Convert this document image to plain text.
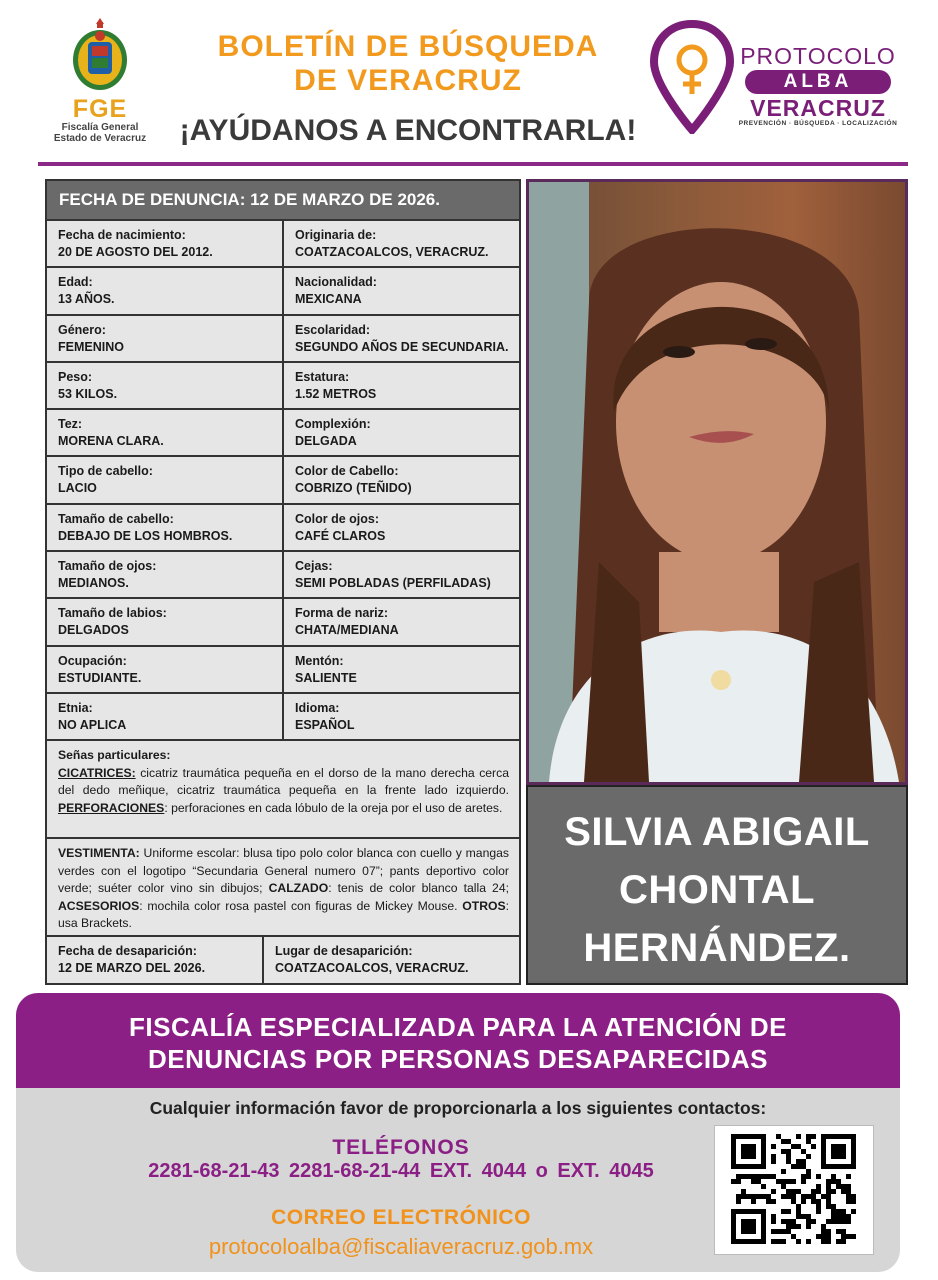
FGE
Fiscalía General
Estado de Veracruz
BOLETÍN DE BÚSQUEDA
DE VERACRUZ
¡AYÚDANOS A ENCONTRARLA!
PROTOCOLO
ALBA
VERACRUZ
PREVENCIÓN · BÚSQUEDA · LOCALIZACIÓN
FECHA DE DENUNCIA: 12 DE MARZO DE 2026.
Fecha de nacimiento:
20 DE AGOSTO DEL 2012.
Originaria de:
COATZACOALCOS, VERACRUZ.
Edad:
13 AÑOS.
Nacionalidad:
MEXICANA
Género:
FEMENINO
Escolaridad:
SEGUNDO AÑOS DE SECUNDARIA.
Peso:
53 KILOS.
Estatura:
1.52 METROS
Tez:
MORENA CLARA.
Complexión:
DELGADA
Tipo de cabello:
LACIO
Color de Cabello:
COBRIZO (TEÑIDO)
Tamaño de cabello:
DEBAJO DE LOS HOMBROS.
Color de ojos:
CAFÉ CLAROS
Tamaño de ojos:
MEDIANOS.
Cejas:
SEMI POBLADAS (PERFILADAS)
Tamaño de labios:
DELGADOS
Forma de nariz:
CHATA/MEDIANA
Ocupación:
ESTUDIANTE.
Mentón:
SALIENTE
Etnia:
NO APLICA
Idioma:
ESPAÑOL
Señas particulares:
CICATRICES: cicatriz traumática pequeña en el dorso de la mano derecha cerca del dedo meñique, cicatriz traumática pequeña en la frente lado izquierdo. PERFORACIONES: perforaciones en cada lóbulo de la oreja por el uso de aretes.
VESTIMENTA: Uniforme escolar: blusa tipo polo color blanca con cuello y mangas verdes con el logotipo “Secundaria General numero 07”; pants deportivo color verde; suéter color vino sin dibujos; CALZADO: tenis de color blanco talla 24; ACSESORIOS: mochila color rosa pastel con figuras de Mickey Mouse. OTROS: usa Brackets.
Fecha de desaparición:
12 DE MARZO DEL 2026.
Lugar de desaparición:
COATZACOALCOS, VERACRUZ.
SILVIA ABIGAIL
CHONTAL
HERNÁNDEZ.
FISCALÍA ESPECIALIZADA PARA LA ATENCIÓN DE
DENUNCIAS POR PERSONAS DESAPARECIDAS
Cualquier información favor de proporcionarla a los siguientes contactos:
TELÉFONOS
2281-68-21-43 2281-68-21-44 EXT. 4044 o EXT. 4045
CORREO ELECTRÓNICO
protocoloalba@fiscaliaveracruz.gob.mx
